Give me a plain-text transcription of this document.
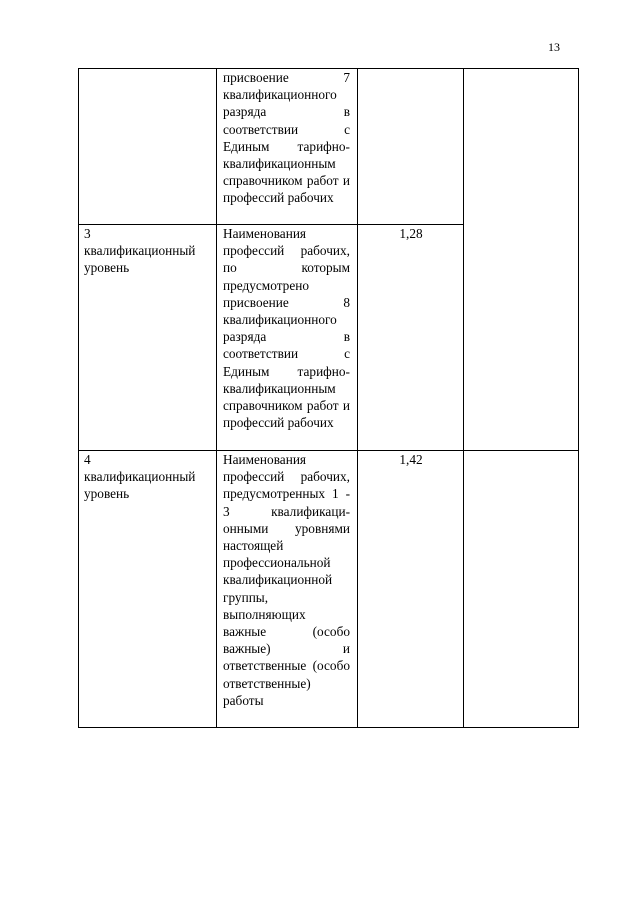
13
	присвоение 7 квалификационного разряда в соответствии с Единым тарифно-квалификационным справочником работ и профессий рабочих		

3
квалификационный уровень	Наименования профессий рабочих, по которым предусмотрено присвоение 8 квалификационного разряда в соответствии с Единым тарифно-квалификационным справочником работ и профессий рабочих	1,28	

4
квалификационный уровень	Наименования профессий рабочих, предусмотренных 1 - 3 квалификационными уровнями настоящей профессиональной квалификационной группы, выполняющих важные (особо важные) и ответственные (особо ответственные) работы	1,42	
